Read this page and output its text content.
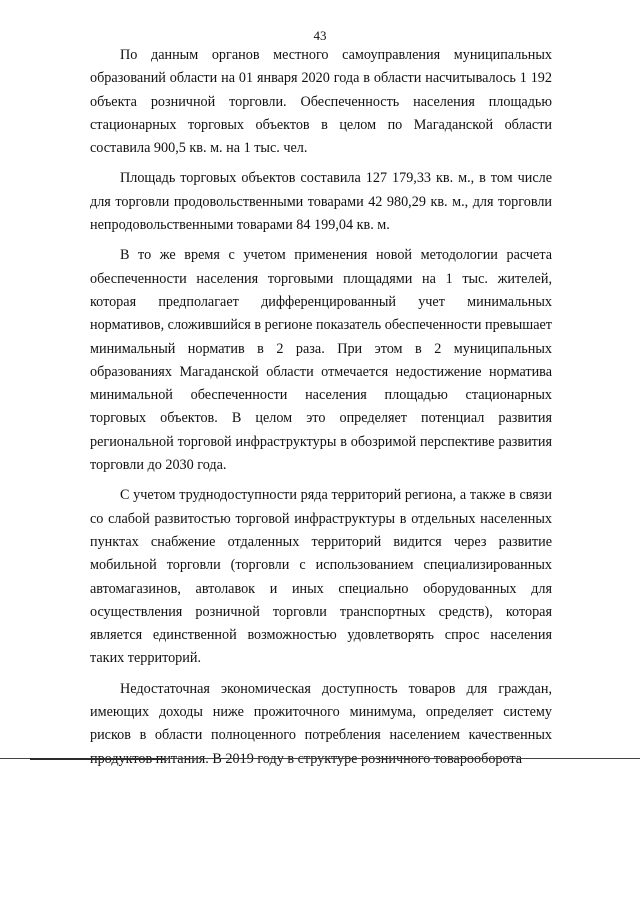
43

По данным органов местного самоуправления муниципальных образований области на 01 января 2020 года в области насчитывалось 1 192 объекта розничной торговли. Обеспеченность населения площадью стационарных торговых объектов в целом по Магаданской области составила 900,5 кв. м. на 1 тыс. чел.

Площадь торговых объектов составила 127 179,33 кв. м., в том числе для торговли продовольственными товарами 42 980,29 кв. м., для торговли непродовольственными товарами 84 199,04 кв. м.

В то же время с учетом применения новой методологии расчета обеспеченности населения торговыми площадями на 1 тыс. жителей, которая предполагает дифференцированный учет минимальных нормативов, сложившийся в регионе показатель обеспеченности превышает минимальный норматив в 2 раза. При этом в 2 муниципальных образованиях Магаданской области отмечается недостижение норматива минимальной обеспеченности населения площадью стационарных торговых объектов. В целом это определяет потенциал развития региональной торговой инфраструктуры в обозримой перспективе развития торговли до 2030 года.

С учетом труднодоступности ряда территорий региона, а также в связи со слабой развитостью торговой инфраструктуры в отдельных населенных пунктах снабжение отдаленных территорий видится через развитие мобильной торговли (торговли с использованием специализированных автомагазинов, автолавок и иных специально оборудованных для осуществления розничной торговли транспортных средств), которая является единственной возможностью удовлетворять спрос населения таких территорий.

Недостаточная экономическая доступность товаров для граждан, имеющих доходы ниже прожиточного минимума, определяет систему рисков в области полноценного потребления населением качественных продуктов питания. В 2019 году в структуре розничного товарооборота
